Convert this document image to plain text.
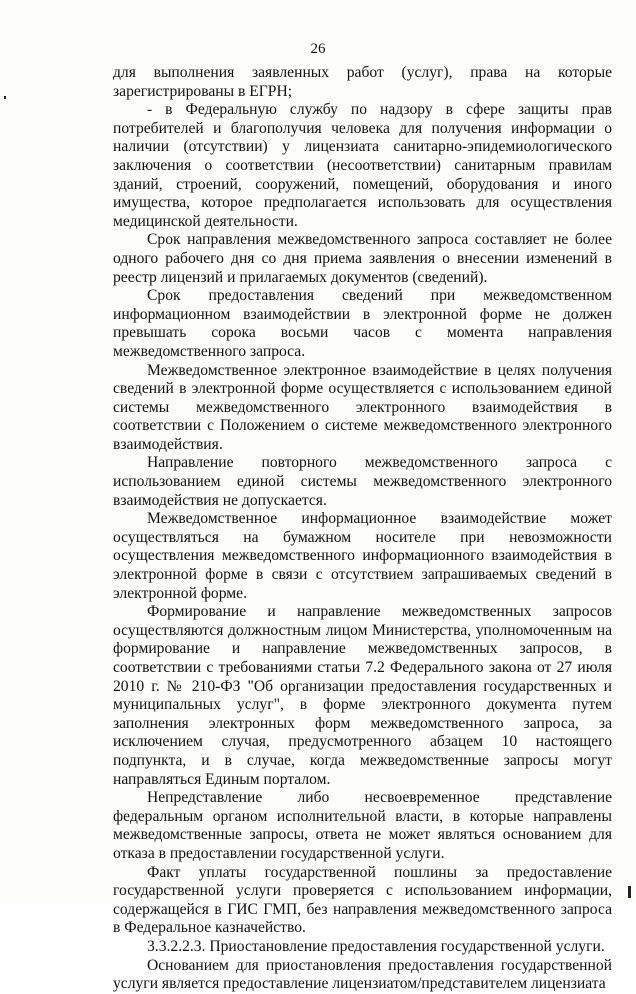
26

для выполнения заявленных работ (услуг), права на которые зарегистрированы в ЕГРН;

- в Федеральную службу по надзору в сфере защиты прав потребителей и благополучия человека для получения информации о наличии (отсутствии) у лицензиата санитарно-эпидемиологического заключения о соответствии (несоответствии) санитарным правилам зданий, строений, сооружений, помещений, оборудования и иного имущества, которое предполагается использовать для осуществления медицинской деятельности.

Срок направления межведомственного запроса составляет не более одного рабочего дня со дня приема заявления о внесении изменений в реестр лицензий и прилагаемых документов (сведений).

Срок предоставления сведений при межведомственном информационном взаимодействии в электронной форме не должен превышать сорока восьми часов с момента направления межведомственного запроса.

Межведомственное электронное взаимодействие в целях получения сведений в электронной форме осуществляется с использованием единой системы межведомственного электронного взаимодействия в соответствии с Положением о системе межведомственного электронного взаимодействия.

Направление повторного межведомственного запроса с использованием единой системы межведомственного электронного взаимодействия не допускается.

Межведомственное информационное взаимодействие может осуществляться на бумажном носителе при невозможности осуществления межведомственного информационного взаимодействия в электронной форме в связи с отсутствием запрашиваемых сведений в электронной форме.

Формирование и направление межведомственных запросов осуществляются должностным лицом Министерства, уполномоченным на формирование и направление межведомственных запросов, в соответствии с требованиями статьи 7.2 Федерального закона от 27 июля 2010 г. № 210-ФЗ "Об организации предоставления государственных и муниципальных услуг", в форме электронного документа путем заполнения электронных форм межведомственного запроса, за исключением случая, предусмотренного абзацем 10 настоящего подпункта, и в случае, когда межведомственные запросы могут направляться Единым порталом.

Непредставление либо несвоевременное представление федеральным органом исполнительной власти, в которые направлены межведомственные запросы, ответа не может являться основанием для отказа в предоставлении государственной услуги.

Факт уплаты государственной пошлины за предоставление государственной услуги проверяется с использованием информации, содержащейся в ГИС ГМП, без направления межведомственного запроса в Федеральное казначейство.

3.3.2.2.3. Приостановление предоставления государственной услуги.

Основанием для приостановления предоставления государственной услуги является предоставление лицензиатом/представителем лицензиата
